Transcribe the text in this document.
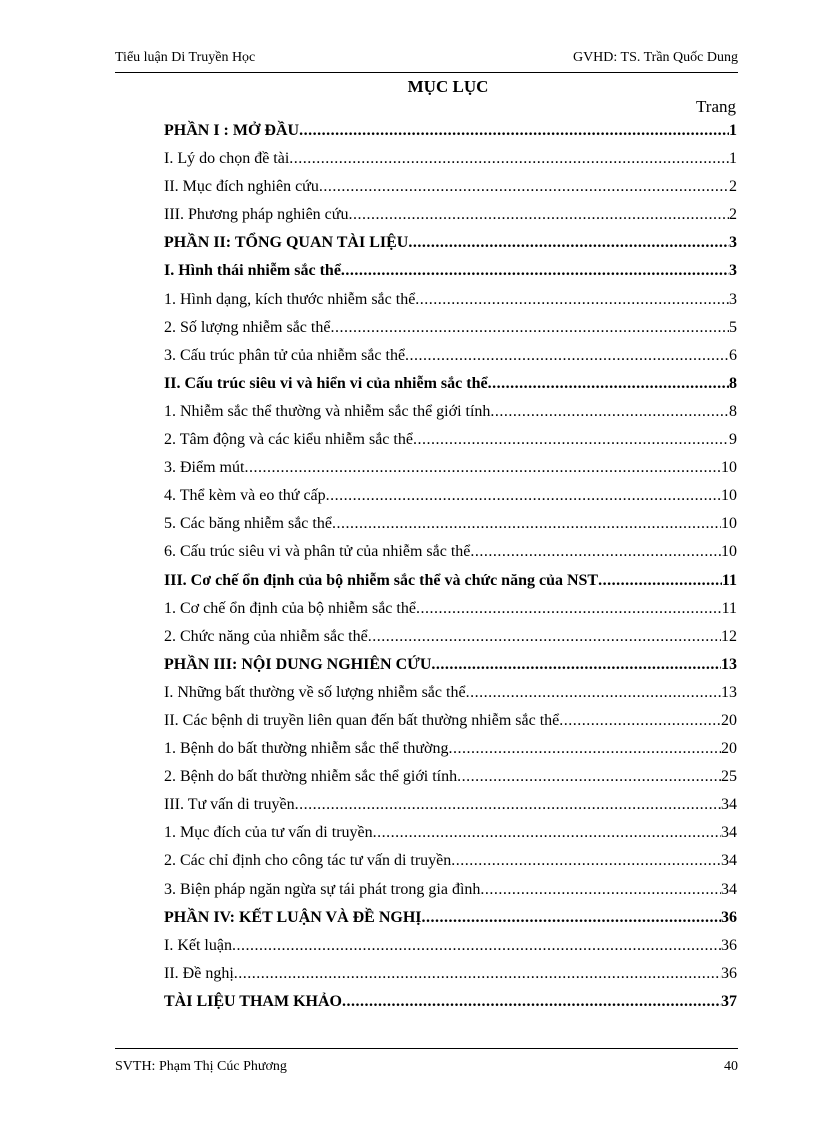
Tiểu luận Di Truyền Học	GVHD: TS. Trần Quốc Dung
MỤC LỤC
Trang
PHẦN I : MỞ ĐẦU .....	1
I. Lý do chọn đề tài .....	1
II. Mục đích nghiên cứu .....	2
III. Phương pháp nghiên cứu .....	2
PHẦN II: TỔNG QUAN TÀI LIỆU .....	3
I. Hình thái nhiễm sắc thể .....	3
1. Hình dạng, kích thước nhiễm sắc thể .....	3
2. Số lượng nhiễm sắc thể .....	5
3. Cấu trúc phân tử của nhiễm sắc thể .....	6
II. Cấu trúc siêu vi và hiển vi của nhiễm sắc thể .....	8
1. Nhiễm sắc thể thường và nhiễm sắc thể giới tính .....	8
2. Tâm động và các kiểu nhiễm sắc thể .....	9
3. Điểm mút .....	10
4. Thể kèm và eo thứ cấp .....	10
5. Các băng nhiễm sắc thể .....	10
6. Cấu trúc siêu vi và phân tử của nhiễm sắc thể .....	10
III. Cơ chế ổn định của bộ nhiễm sắc thể và chức năng của NST .....	11
1. Cơ chế ổn định của bộ nhiễm sắc thể .....	11
2. Chức năng của nhiễm sắc thể .....	12
PHẦN III: NỘI DUNG NGHIÊN CỨU .....	13
I. Những bất thường về số lượng nhiễm sắc thể .....	13
II. Các bệnh di truyền liên quan đến bất thường nhiễm sắc thể .....	20
1. Bệnh do bất thường nhiễm sắc thể thường .....	20
2. Bệnh do bất thường nhiễm sắc thể giới tính .....	25
III. Tư vấn di truyền .....	34
1. Mục đích của tư vấn di truyền .....	34
2. Các chỉ định cho công tác tư vấn di truyền .....	34
3. Biện pháp ngăn ngừa sự tái phát trong gia đình .....	34
PHẦN IV: KẾT LUẬN VÀ ĐỀ NGHỊ .....	36
I. Kết luận .....	36
II. Đề nghị .....	36
TÀI LIỆU THAM KHẢO .....	37
SVTH: Phạm Thị Cúc Phương	40
